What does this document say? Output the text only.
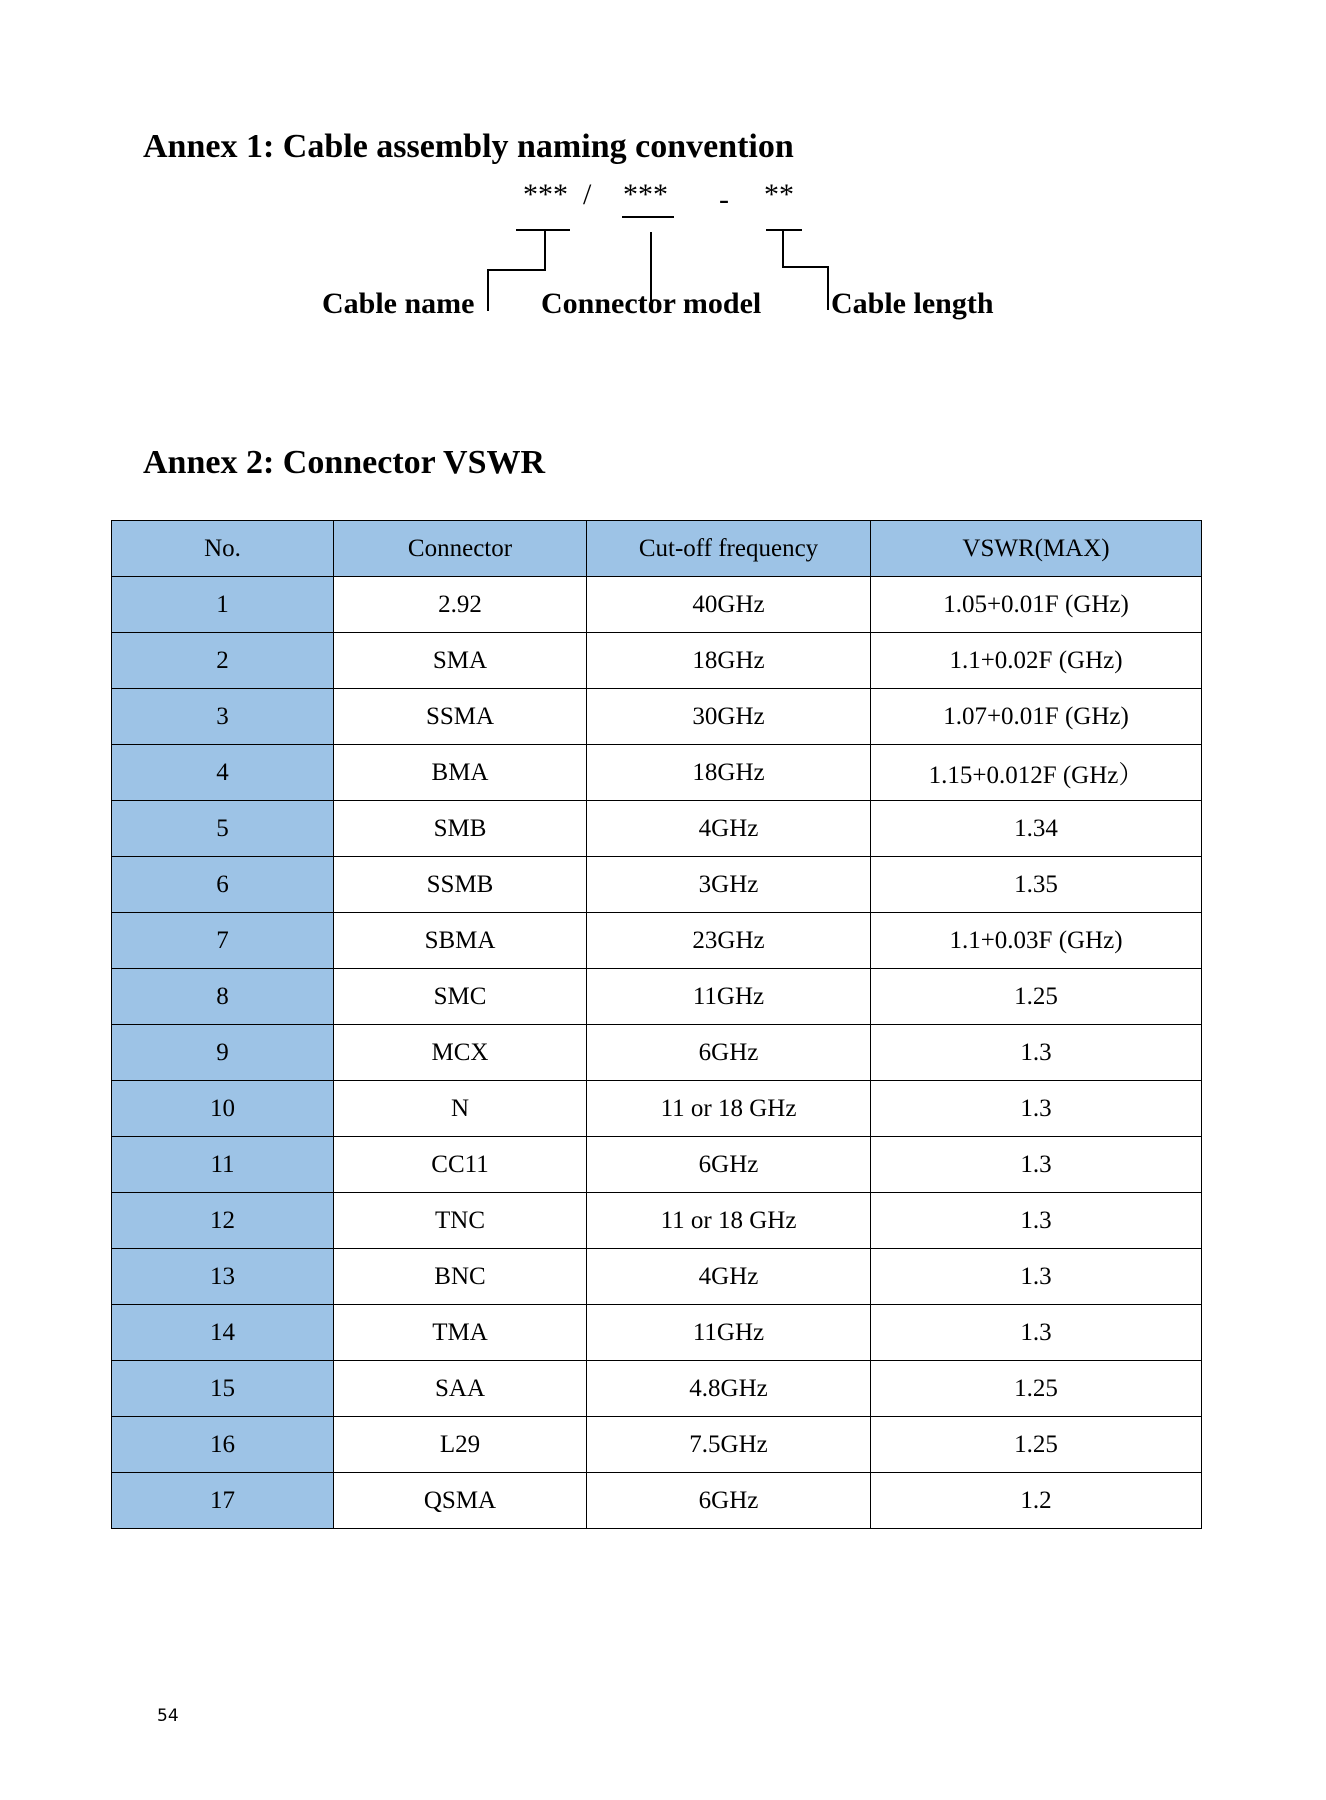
Annex 1: Cable assembly naming convention
*** / *** - **
Cable name Connector model Cable length
Annex 2: Connector VSWR
No.	Connector	Cut-off frequency	VSWR(MAX)
1	2.92	40GHz	1.05+0.01F (GHz)
2	SMA	18GHz	1.1+0.02F (GHz)
3	SSMA	30GHz	1.07+0.01F (GHz)
4	BMA	18GHz	1.15+0.012F (GHz）
5	SMB	4GHz	1.34
6	SSMB	3GHz	1.35
7	SBMA	23GHz	1.1+0.03F (GHz)
8	SMC	11GHz	1.25
9	MCX	6GHz	1.3
10	N	11 or 18 GHz	1.3
11	CC11	6GHz	1.3
12	TNC	11 or 18 GHz	1.3
13	BNC	4GHz	1.3
14	TMA	11GHz	1.3
15	SAA	4.8GHz	1.25
16	L29	7.5GHz	1.25
17	QSMA	6GHz	1.2
54
